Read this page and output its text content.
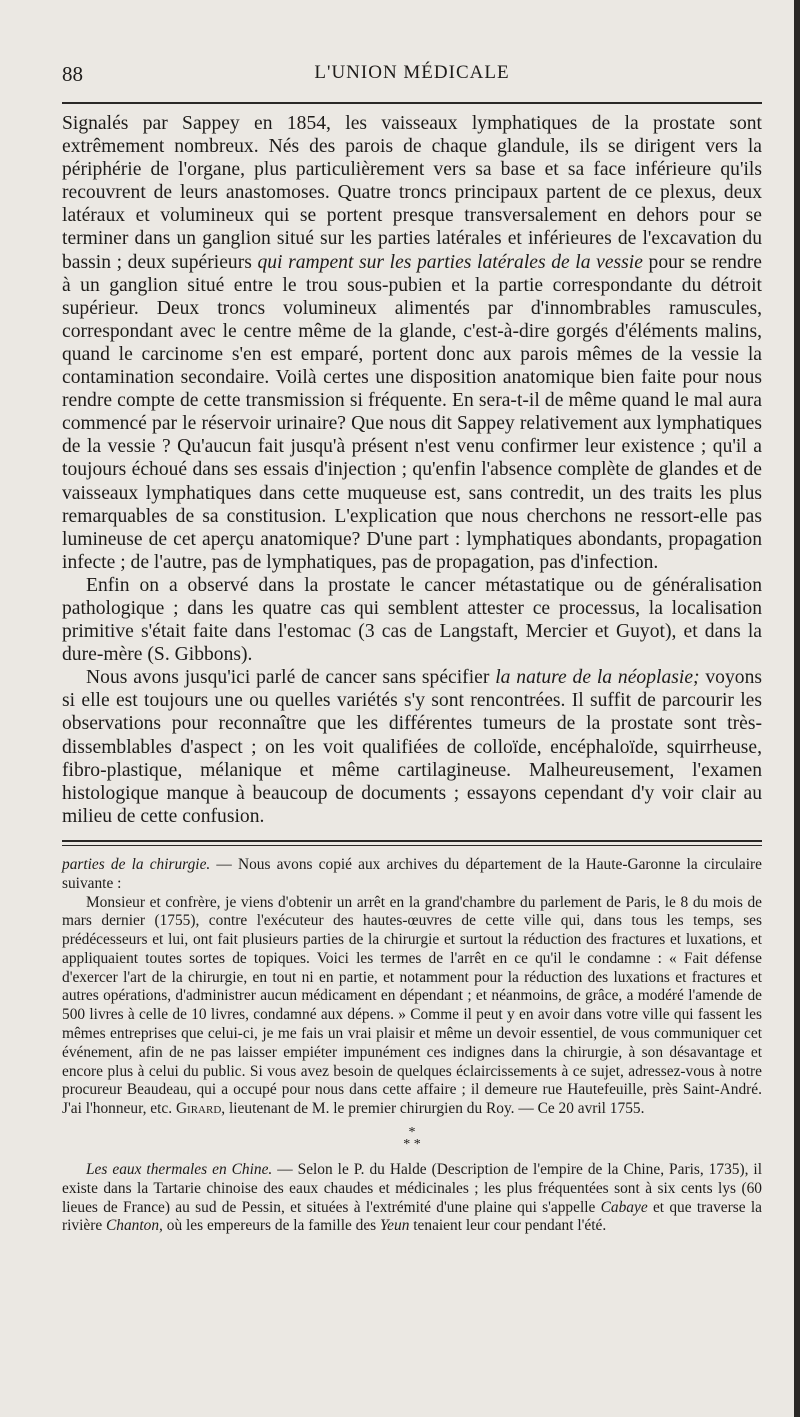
88	L'UNION MÉDICALE

Signalés par Sappey en 1854, les vaisseaux lymphatiques de la prostate sont extrêmement nombreux. Nés des parois de chaque glandule, ils se dirigent vers la périphérie de l'organe, plus particulièrement vers sa base et sa face inférieure qu'ils recouvrent de leurs anastomoses. Quatre troncs principaux partent de ce plexus, deux latéraux et volumineux qui se portent presque transversalement en dehors pour se terminer dans un ganglion situé sur les parties latérales et inférieures de l'excavation du bassin ; deux supérieurs qui rampent sur les parties latérales de la vessie pour se rendre à un ganglion situé entre le trou sous-pubien et la partie correspondante du détroit supérieur. Deux troncs volumineux alimentés par d'innombrables ramuscules, correspondant avec le centre même de la glande, c'est-à-dire gorgés d'éléments malins, quand le carcinome s'en est emparé, portent donc aux parois mêmes de la vessie la contamination secondaire. Voilà certes une disposition anatomique bien faite pour nous rendre compte de cette transmission si fréquente. En sera-t-il de même quand le mal aura commencé par le réservoir urinaire? Que nous dit Sappey relativement aux lymphatiques de la vessie ? Qu'aucun fait jusqu'à présent n'est venu confirmer leur existence ; qu'il a toujours échoué dans ses essais d'injection ; qu'enfin l'absence complète de glandes et de vaisseaux lymphatiques dans cette muqueuse est, sans contredit, un des traits les plus remarquables de sa constitusion. L'explication que nous cherchons ne ressort-elle pas lumineuse de cet aperçu anatomique? D'une part : lymphatiques abondants, propagation infecte ; de l'autre, pas de lymphatiques, pas de propagation, pas d'infection.

Enfin on a observé dans la prostate le cancer métastatique ou de généralisation pathologique ; dans les quatre cas qui semblent attester ce processus, la localisation primitive s'était faite dans l'estomac (3 cas de Langstaft, Mercier et Guyot), et dans la dure-mère (S. Gibbons).

Nous avons jusqu'ici parlé de cancer sans spécifier la nature de la néoplasie; voyons si elle est toujours une ou quelles variétés s'y sont rencontrées. Il suffit de parcourir les observations pour reconnaître que les différentes tumeurs de la prostate sont très-dissemblables d'aspect ; on les voit qualifiées de colloïde, encéphaloïde, squirrheuse, fibro-plastique, mélanique et même cartilagineuse. Malheureusement, l'examen histologique manque à beaucoup de documents ; essayons cependant d'y voir clair au milieu de cette confusion.

parties de la chirurgie. — Nous avons copié aux archives du département de la Haute-Garonne la circulaire suivante :

Monsieur et confrère, je viens d'obtenir un arrêt en la grand'chambre du parlement de Paris, le 8 du mois de mars dernier (1755), contre l'exécuteur des hautes-œuvres de cette ville qui, dans tous les temps, ses prédécesseurs et lui, ont fait plusieurs parties de la chirurgie et surtout la réduction des fractures et luxations, et appliquaient toutes sortes de topiques. Voici les termes de l'arrêt en ce qu'il le condamne : « Fait défense d'exercer l'art de la chirurgie, en tout ni en partie, et notamment pour la réduction des luxations et fractures et autres opérations, d'administrer aucun médicament en dépendant ; et néanmoins, de grâce, a modéré l'amende de 500 livres à celle de 10 livres, condamné aux dépens. » Comme il peut y en avoir dans votre ville qui fassent les mêmes entreprises que celui-ci, je me fais un vrai plaisir et même un devoir essentiel, de vous communiquer cet événement, afin de ne pas laisser empiéter impunément ces indignes dans la chirurgie, à son désavantage et encore plus à celui du public. Si vous avez besoin de quelques éclaircissements à ce sujet, adressez-vous à notre procureur Beaudeau, qui a occupé pour nous dans cette affaire ; il demeure rue Hautefeuille, près Saint-André. J'ai l'honneur, etc. Girard, lieutenant de M. le premier chirurgien du Roy. — Ce 20 avril 1755.

*
* *

Les eaux thermales en Chine. — Selon le P. du Halde (Description de l'empire de la Chine, Paris, 1735), il existe dans la Tartarie chinoise des eaux chaudes et médicinales ; les plus fréquentées sont à six cents lys (60 lieues de France) au sud de Pessin, et situées à l'extrémité d'une plaine qui s'appelle Cabaye et que traverse la rivière Chanton, où les empereurs de la famille des Yeun tenaient leur cour pendant l'été.
